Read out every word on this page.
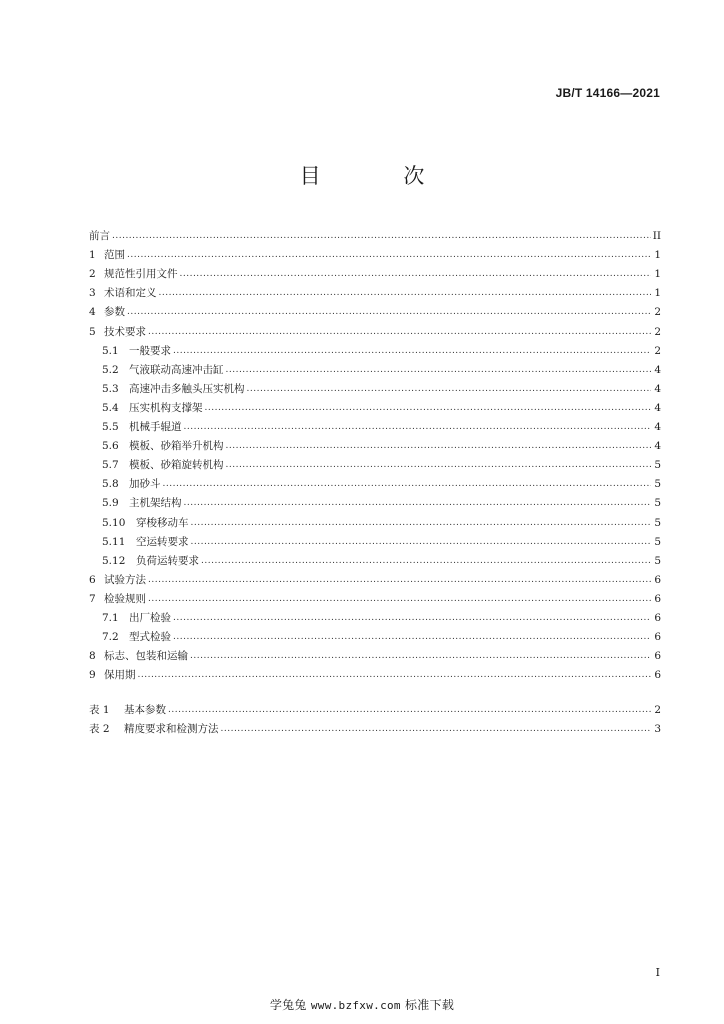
JB/T 14166—2021
目 次
前言 .....	II
1 范围 .....	1
2 规范性引用文件 .....	1
3 术语和定义 .....	1
4 参数 .....	2
5 技术要求 .....	2
5.1 一般要求 .....	2
5.2 气液联动高速冲击缸 .....	4
5.3 高速冲击多触头压实机构 .....	4
5.4 压实机构支撑架 .....	4
5.5 机械手辊道 .....	4
5.6 模板、砂箱举升机构 .....	4
5.7 模板、砂箱旋转机构 .....	5
5.8 加砂斗 .....	5
5.9 主机架结构 .....	5
5.10	穿梭移动车 .....	5
5.11	空运转要求 .....	5
5.12	负荷运转要求 .....	5
6 试验方法 .....	6
7 检验规则 .....	6
7.1 出厂检验 .....	6
7.2 型式检验 .....	6
8 标志、包装和运输 .....	6
9 保用期 .....	6
表 1	基本参数 .....	2
表 2	精度要求和检测方法 .....	3
I
学兔兔 www.bzfxw.com 标准下载
